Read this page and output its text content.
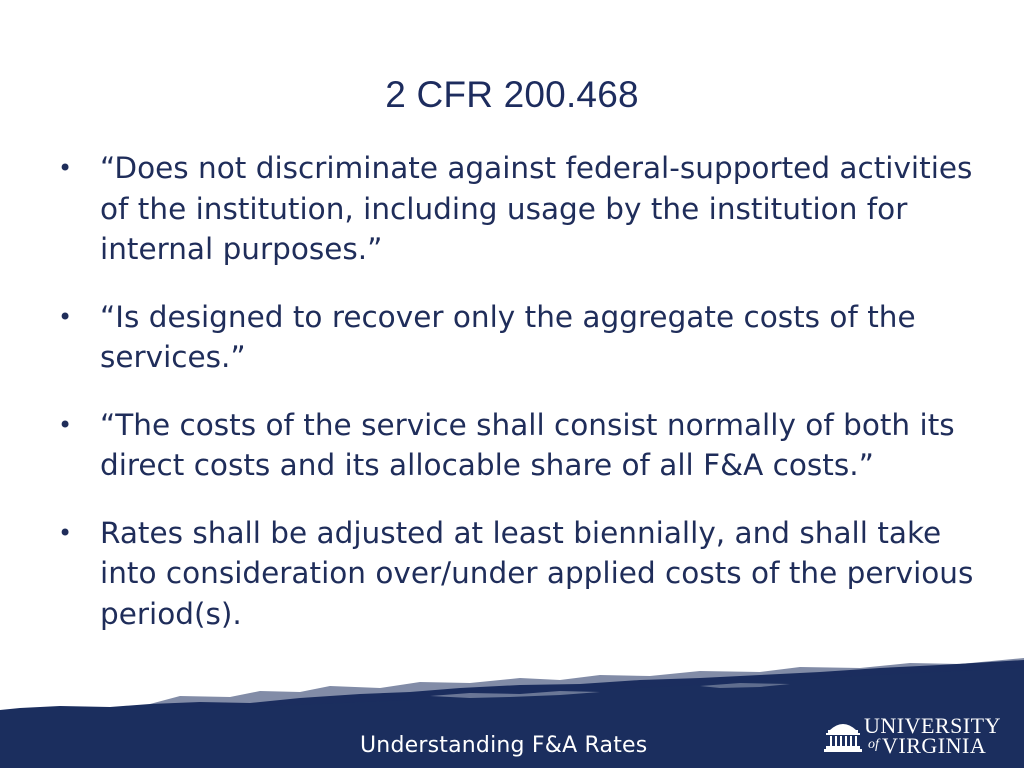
2 CFR 200.468
• “Does not discriminate against federal-supported activities of the institution, including usage by the institution for internal purposes.”
• “Is designed to recover only the aggregate costs of the services.”
• “The costs of the service shall consist normally of both its direct costs and its allocable share of all F&A costs.”
• Rates shall be adjusted at least biennially, and shall take into consideration over/under applied costs of the pervious period(s).
Understanding F&A Rates
UNIVERSITY
of VIRGINIA
